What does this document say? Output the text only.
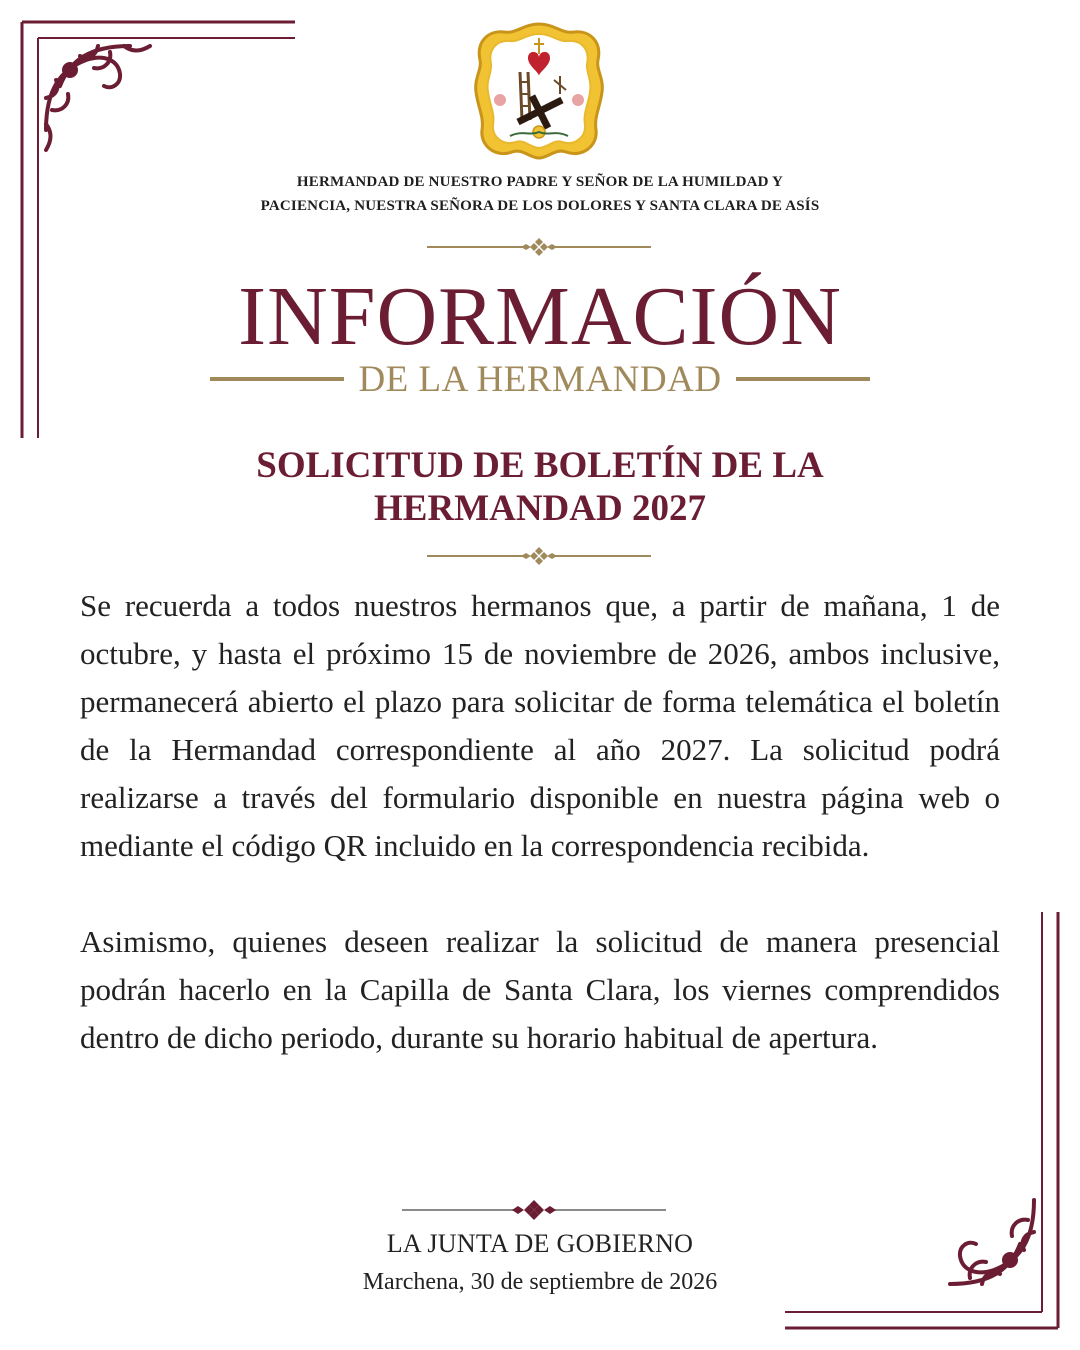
HERMANDAD DE NUESTRO PADRE Y SEÑOR DE LA HUMILDAD Y
PACIENCIA, NUESTRA SEÑORA DE LOS DOLORES Y SANTA CLARA DE ASÍS
INFORMACIÓN
DE LA HERMANDAD
SOLICITUD DE BOLETÍN DE LA
HERMANDAD 2027

Se recuerda a todos nuestros hermanos que, a partir de mañana, 1 de octubre, y hasta el próximo 15 de noviembre de 2026, ambos inclusive, permanecerá abierto el plazo para solicitar de forma telemática el boletín de la Hermandad correspondiente al año 2027. La solicitud podrá realizarse a través del formulario disponible en nuestra página web o mediante el código QR incluido en la correspondencia recibida.

Asimismo, quienes deseen realizar la solicitud de manera presencial podrán hacerlo en la Capilla de Santa Clara, los viernes comprendidos dentro de dicho periodo, durante su horario habitual de apertura.

LA JUNTA DE GOBIERNO
Marchena, 30 de septiembre de 2026
